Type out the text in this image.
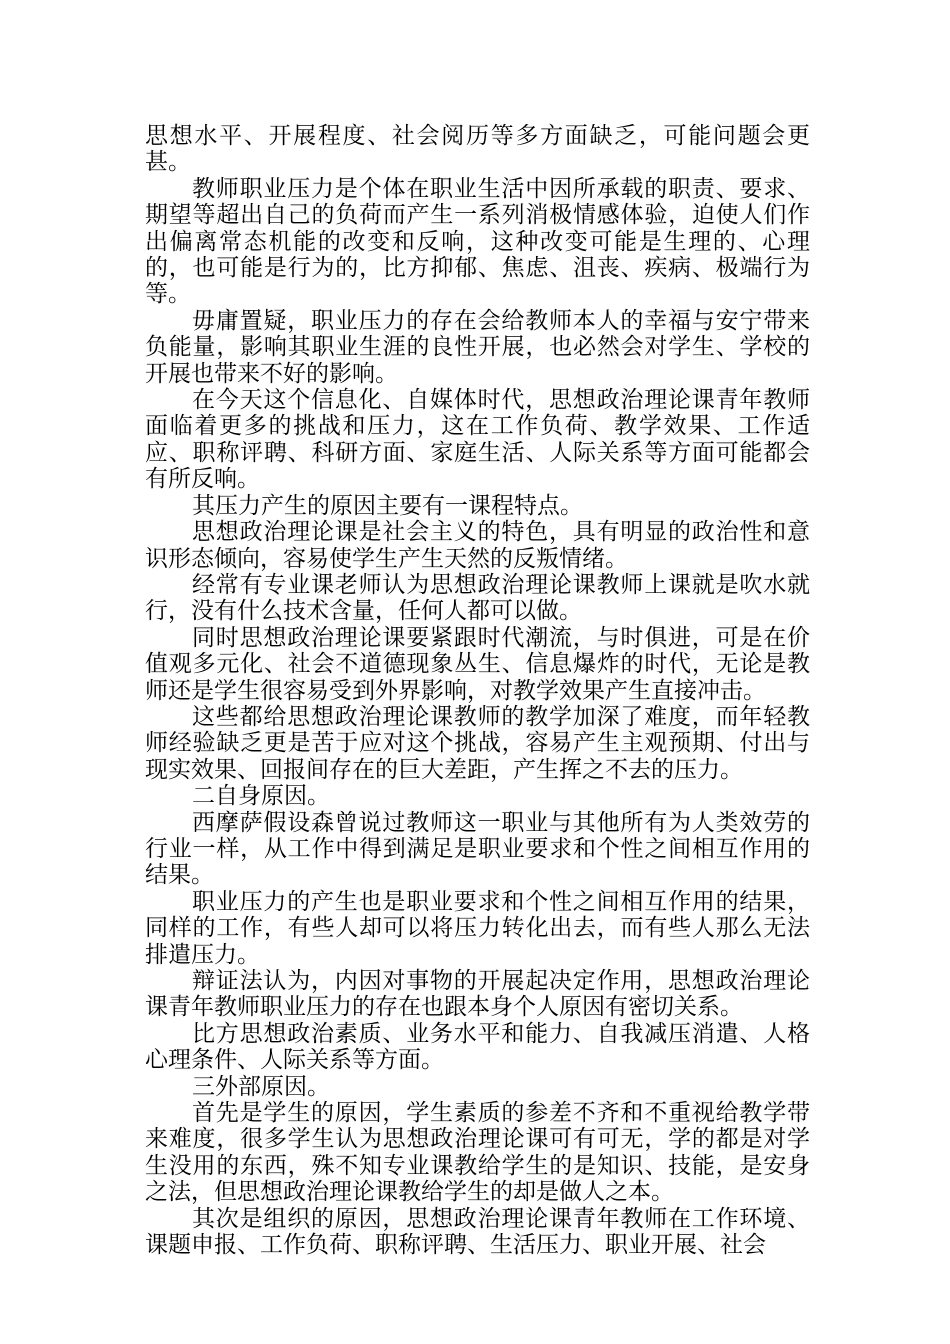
思想水平、开展程度、社会阅历等多方面缺乏，可能问题会更甚。

教师职业压力是个体在职业生活中因所承载的职责、要求、期望等超出自己的负荷而产生一系列消极情感体验，迫使人们作出偏离常态机能的改变和反响，这种改变可能是生理的、心理的，也可能是行为的，比方抑郁、焦虑、沮丧、疾病、极端行为等。

毋庸置疑，职业压力的存在会给教师本人的幸福与安宁带来负能量，影响其职业生涯的良性开展，也必然会对学生、学校的开展也带来不好的影响。

在今天这个信息化、自媒体时代，思想政治理论课青年教师面临着更多的挑战和压力，这在工作负荷、教学效果、工作适应、职称评聘、科研方面、家庭生活、人际关系等方面可能都会有所反响。

其压力产生的原因主要有一课程特点。

思想政治理论课是社会主义的特色，具有明显的政治性和意识形态倾向，容易使学生产生天然的反叛情绪。

经常有专业课老师认为思想政治理论课教师上课就是吹水就行，没有什么技术含量，任何人都可以做。

同时思想政治理论课要紧跟时代潮流，与时俱进，可是在价值观多元化、社会不道德现象丛生、信息爆炸的时代，无论是教师还是学生很容易受到外界影响，对教学效果产生直接冲击。

这些都给思想政治理论课教师的教学加深了难度，而年轻教师经验缺乏更是苦于应对这个挑战，容易产生主观预期、付出与现实效果、回报间存在的巨大差距，产生挥之不去的压力。

二自身原因。

西摩萨假设森曾说过教师这一职业与其他所有为人类效劳的行业一样，从工作中得到满足是职业要求和个性之间相互作用的结果。

职业压力的产生也是职业要求和个性之间相互作用的结果，同样的工作，有些人却可以将压力转化出去，而有些人那么无法排遣压力。

辩证法认为，内因对事物的开展起决定作用，思想政治理论课青年教师职业压力的存在也跟本身个人原因有密切关系。

比方思想政治素质、业务水平和能力、自我减压消遣、人格心理条件、人际关系等方面。

三外部原因。

首先是学生的原因，学生素质的参差不齐和不重视给教学带来难度，很多学生认为思想政治理论课可有可无，学的都是对学生没用的东西，殊不知专业课教给学生的是知识、技能，是安身之法，但思想政治理论课教给学生的却是做人之本。

其次是组织的原因，思想政治理论课青年教师在工作环境、课题申报、工作负荷、职称评聘、生活压力、职业开展、社会
